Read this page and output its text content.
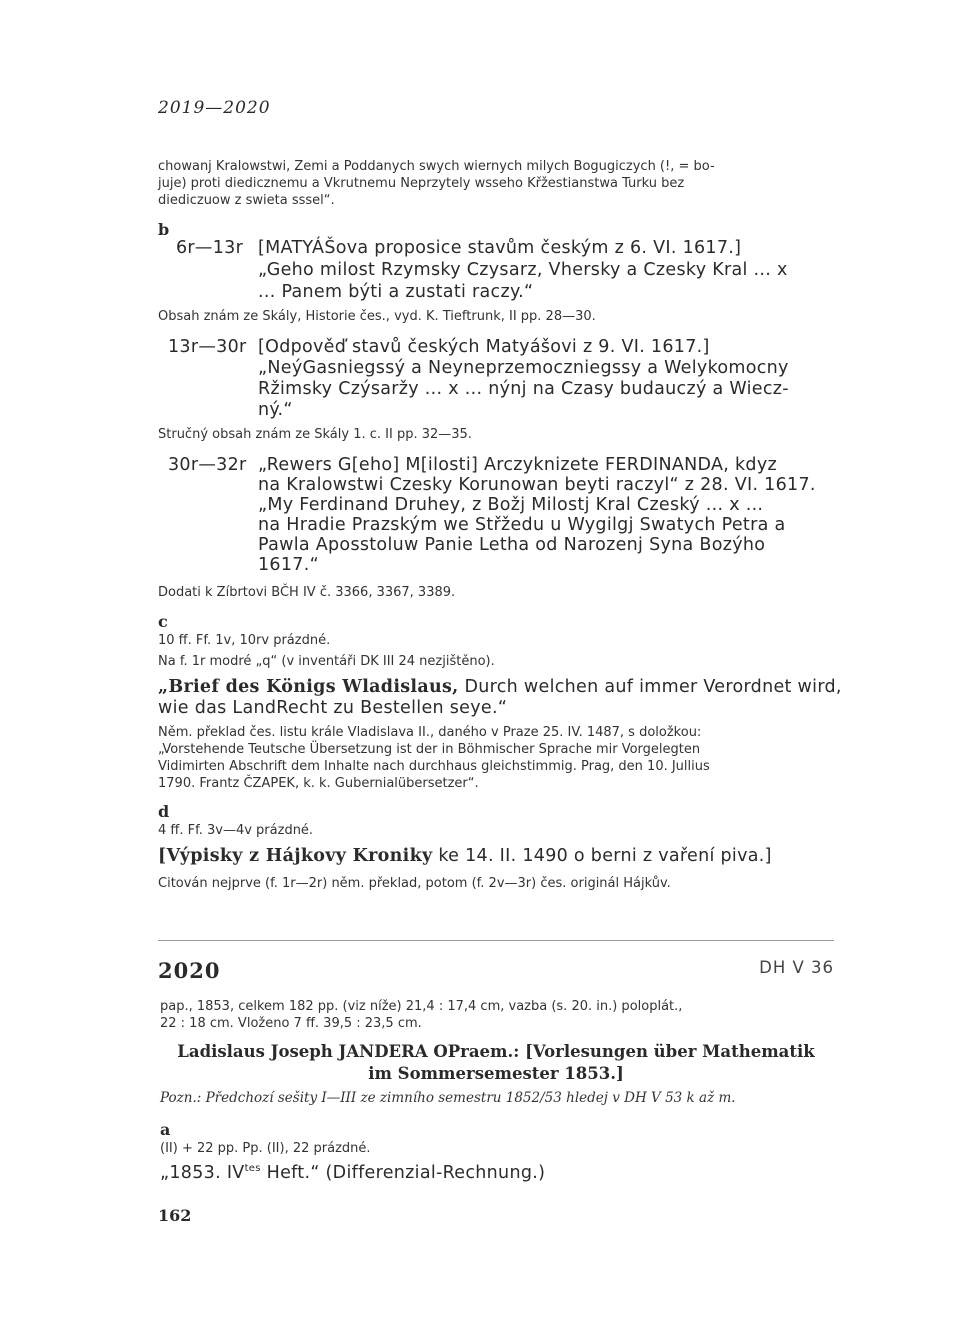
2019—2020
chowanj Kralowstwi, Zemi a Poddanych swych wiernych milych Bogugiczych (!, = bo-
juje) proti diedicznemu a Vkrutnemu Neprzytely wsseho Křžestianstwa Turku bez
diediczuow z swieta sssel“.
b
6r—13r [MATYÁŠova proposice stavům českým z 6. VI. 1617.]
„Geho milost Rzymsky Czysarz, Vhersky a Czesky Kral ... x
... Panem býti a zustati raczy.“
Obsah znám ze Skály, Historie čes., vyd. K. Tieftrunk, II pp. 28—30.
13r—30r [Odpověď stavů českých Matyášovi z 9. VI. 1617.]
„NeýGasniegssý a Neyneprzemoczniegssy a Welykomocny
Ržimsky Czýsaržy ... x ... nýnj na Czasy budauczý a Wiecz-
ný.“
Stručný obsah znám ze Skály 1. c. II pp. 32—35.
30r—32r „Rewers G[eho] M[ilosti] Arczyknizete FERDINANDA, kdyz
na Kralowstwi Czesky Korunowan beyti raczyl“ z 28. VI. 1617.
„My Ferdinand Druhey, z Božj Milostj Kral Czeský ... x ...
na Hradie Prazským we Střžedu u Wygilgj Swatych Petra a
Pawla Aposstoluw Panie Letha od Narozenj Syna Bozýho
1617.“
Dodati k Zíbrtovi BČH IV č. 3366, 3367, 3389.
c
10 ff. Ff. 1v, 10rv prázdné.
Na f. 1r modré „q“ (v inventáři DK III 24 nezjištěno).
„Brief des Königs Wladislaus, Durch welchen auf immer Verordnet wird,
wie das LandRecht zu Bestellen seye.“
Něm. překlad čes. listu krále Vladislava II., daného v Praze 25. IV. 1487, s doložkou:
„Vorstehende Teutsche Übersetzung ist der in Böhmischer Sprache mir Vorgelegten
Vidimirten Abschrift dem Inhalte nach durchhaus gleichstimmig. Prag, den 10. Jullius
1790. Frantz ČZAPEK, k. k. Gubernialübersetzer“.
d
4 ff. Ff. 3v—4v prázdné.
[Výpisky z Hájkovy Kroniky ke 14. II. 1490 o berni z vaření piva.]
Citován nejprve (f. 1r—2r) něm. překlad, potom (f. 2v—3r) čes. originál Hájkův.
2020	DH V 36
pap., 1853, celkem 182 pp. (viz níže) 21,4 : 17,4 cm, vazba (s. 20. in.) poloplát.,
22 : 18 cm. Vloženo 7 ff. 39,5 : 23,5 cm.
Ladislaus Joseph JANDERA OPraem.: [Vorlesungen über Mathematik
im Sommersemester 1853.]
Pozn.: Předchozí sešity I—III ze zimního semestru 1852/53 hledej v DH V 53 k až m.
a
(II) + 22 pp. Pp. (II), 22 prázdné.
„1853. $IV^{tes}$ Heft.“ (Differenzial-Rechnung.)
162
